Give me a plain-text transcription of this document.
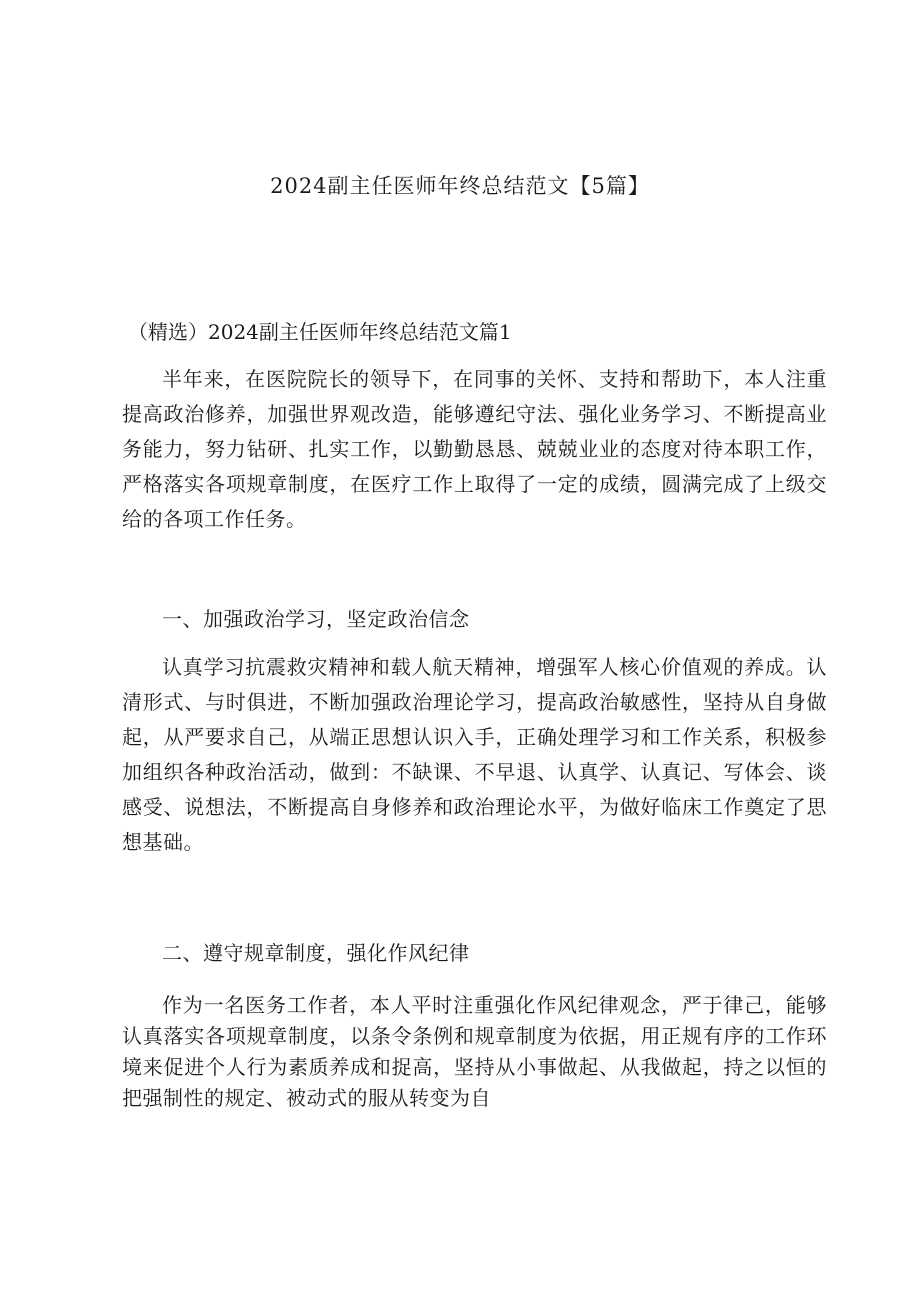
2024副主任医师年终总结范文【5篇】
（精选）2024副主任医师年终总结范文篇1

半年来，在医院院长的领导下，在同事的关怀、支持和帮助下，本人注重提高政治修养，加强世界观改造，能够遵纪守法、强化业务学习、不断提高业务能力，努力钻研、扎实工作，以勤勤恳恳、兢兢业业的态度对待本职工作，严格落实各项规章制度，在医疗工作上取得了一定的成绩，圆满完成了上级交给的各项工作任务。

一、加强政治学习，坚定政治信念

认真学习抗震救灾精神和载人航天精神，增强军人核心价值观的养成。认清形式、与时俱进，不断加强政治理论学习，提高政治敏感性，坚持从自身做起，从严要求自己，从端正思想认识入手，正确处理学习和工作关系，积极参加组织各种政治活动，做到：不缺课、不早退、认真学、认真记、写体会、谈感受、说想法，不断提高自身修养和政治理论水平，为做好临床工作奠定了思想基础。

二、遵守规章制度，强化作风纪律

作为一名医务工作者，本人平时注重强化作风纪律观念，严于律己，能够认真落实各项规章制度，以条令条例和规章制度为依据，用正规有序的工作环境来促进个人行为素质养成和捉高，坚持从小事做起、从我做起，持之以恒的把强制性的规定、被动式的服从转变为自
